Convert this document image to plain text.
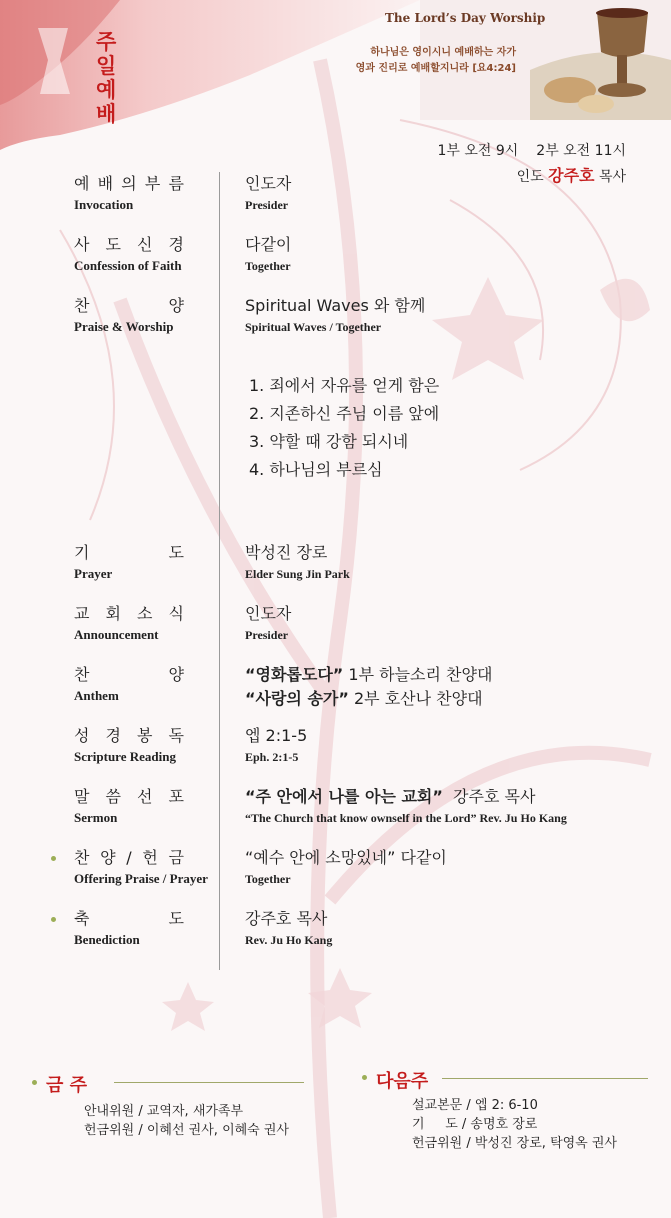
주 일
예 배
The Lord’s Day Worship
하나님은 영이시니 예배하는 자가
영과 진리로 예배할지니라 [요4:24]
1부 오전 9시 2부 오전 11시
인도 강주호 목사
예 배 의 부 름
Invocation
인도자
Presider
사 도 신 경
Confession of Faith
다같이
Together
찬	양
Praise & Worship
Spiritual Waves 와 함께
Spiritual Waves / Together
1. 죄에서 자유를 얻게 함은
2. 지존하신 주님 이름 앞에
3. 약할 때 강함 되시네
4. 하나님의 부르심
기	도
Prayer
박성진 장로
Elder Sung Jin Park
교 회 소 식
Announcement
인도자
Presider
찬	양
Anthem
“영화롭도다” 1부 하늘소리 찬양대
“사랑의 송가” 2부 호산나 찬양대
성 경 봉 독
Scripture Reading
엡 2:1-5
Eph. 2:1-5
말 씀 선 포
Sermon
“주 안에서 나를 아는 교회”  강주호 목사
“The Church that know ownself in the Lord” Rev. Ju Ho Kang
찬 양 / 헌 금
Offering Praise / Prayer
“예수 안에 소망있네” 다같이
Together
축	도
Benediction
강주호 목사
Rev. Ju Ho Kang
금 주
안내위원 / 교역자, 새가족부
헌금위원 / 이혜선 권사, 이혜숙 권사
다음주
설교본문 / 엡 2: 6-10
기     도 / 송명호 장로
헌금위원 / 박성진 장로, 탁영옥 권사
